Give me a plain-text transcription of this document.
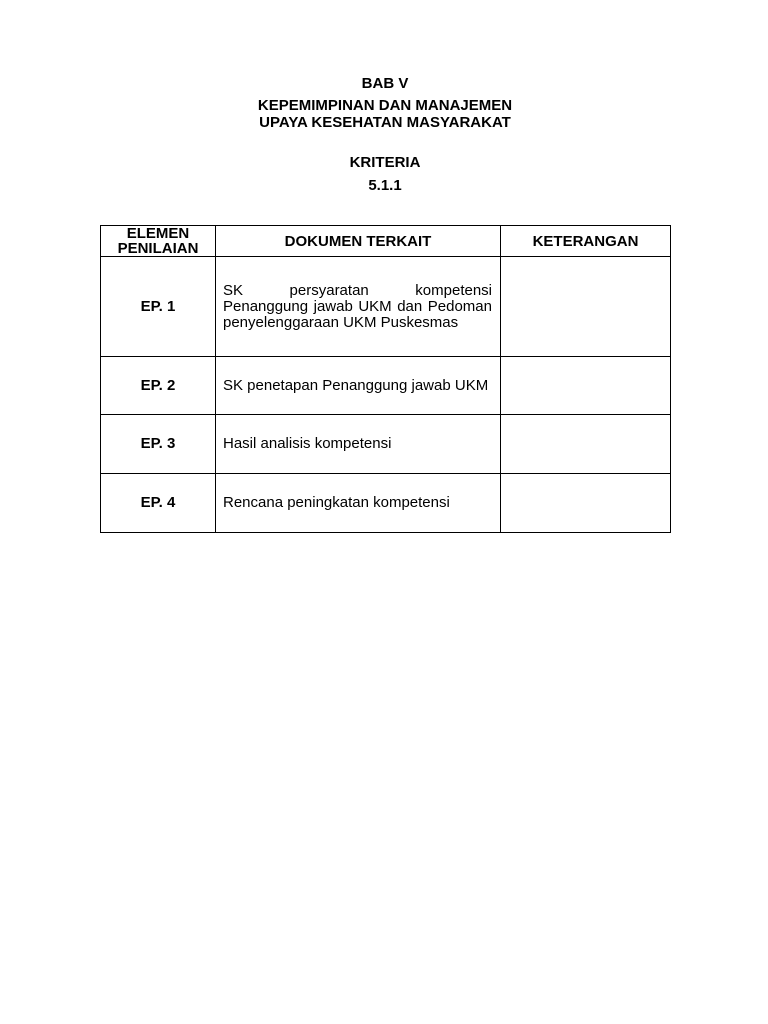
BAB V
KEPEMIMPINAN DAN MANAJEMEN
UPAYA KESEHATAN MASYARAKAT
KRITERIA
5.1.1
ELEMEN PENILAIAN	DOKUMEN TERKAIT	KETERANGAN
EP. 1	SK persyaratan kompetensi Penanggung jawab UKM dan Pedoman penyelenggaraan UKM Puskesmas	
EP. 2	SK penetapan Penanggung jawab UKM	
EP. 3	Hasil analisis kompetensi	
EP. 4	Rencana peningkatan kompetensi	
